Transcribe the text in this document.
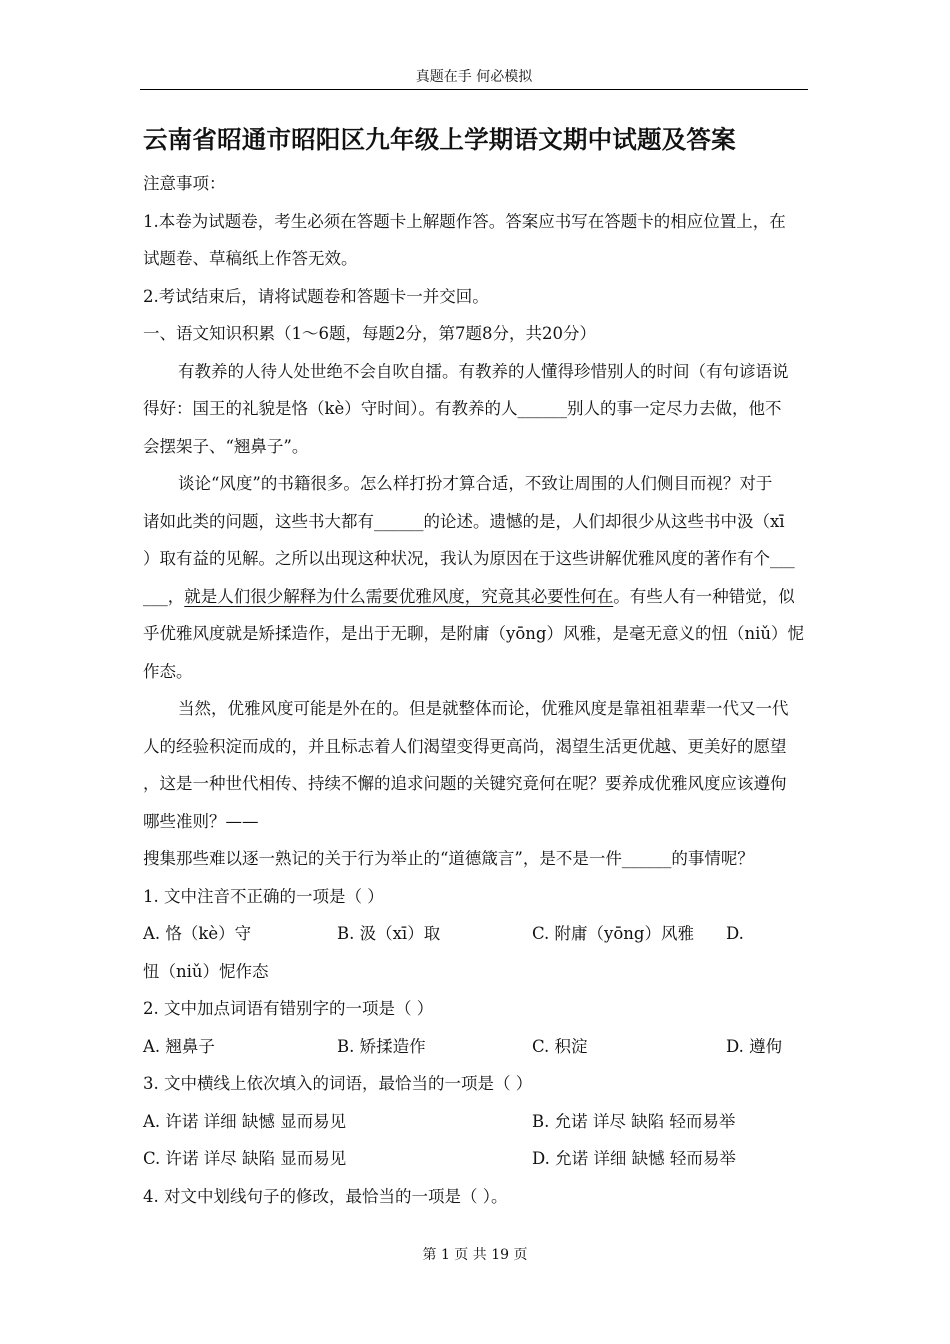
真题在手 何必模拟
云南省昭通市昭阳区九年级上学期语文期中试题及答案
注意事项：
1.本卷为试题卷，考生必须在答题卡上解题作答。答案应书写在答题卡的相应位置上，在
试题卷、草稿纸上作答无效。
2.考试结束后，请将试题卷和答题卡一并交回。
一、语文知识积累（1～6题，每题2分，第7题8分，共20分）
有教养的人待人处世绝不会自吹自擂。有教养的人懂得珍惜别人的时间（有句谚语说
得好：国王的礼貌是恪（kè）守时间）。有教养的人______别人的事一定尽力去做，他不
会摆架子、“翘鼻子”。
谈论“风度”的书籍很多。怎么样打扮才算合适，不致让周围的人们侧目而视？对于
诸如此类的问题，这些书大都有______的论述。遗憾的是，人们却很少从这些书中汲（xī
）取有益的见解。之所以出现这种状况，我认为原因在于这些讲解优雅风度的著作有个___
___，就是人们很少解释为什么需要优雅风度，究竟其必要性何在。有些人有一种错觉，似
乎优雅风度就是矫揉造作，是出于无聊，是附庸（yōng）风雅，是毫无意义的忸（niǔ）怩
作态。
当然，优雅风度可能是外在的。但是就整体而论，优雅风度是靠祖祖辈辈一代又一代
人的经验积淀而成的，并且标志着人们渴望变得更高尚，渴望生活更优越、更美好的愿望
，这是一种世代相传、持续不懈的追求问题的关键究竟何在呢？要养成优雅风度应该遵佝
哪些准则？——
搜集那些难以逐一熟记的关于行为举止的“道德箴言”，是不是一件______的事情呢？
1. 文中注音不正确的一项是（ ）
A. 恪（kè）守	B. 汲（xī）取	C. 附庸（yōng）风雅 D.
忸（niǔ）怩作态
2. 文中加点词语有错别字的一项是（ ）
A. 翘鼻子	B. 矫揉造作	C. 积淀	D. 遵佝
3. 文中横线上依次填入的词语，最恰当的一项是（ ）
A. 许诺 详细 缺憾 显而易见	B. 允诺 详尽 缺陷 轻而易举
C. 许诺 详尽 缺陷 显而易见	D. 允诺 详细 缺憾 轻而易举
4. 对文中划线句子的修改，最恰当的一项是（ ）。
第 1 页 共 19 页
